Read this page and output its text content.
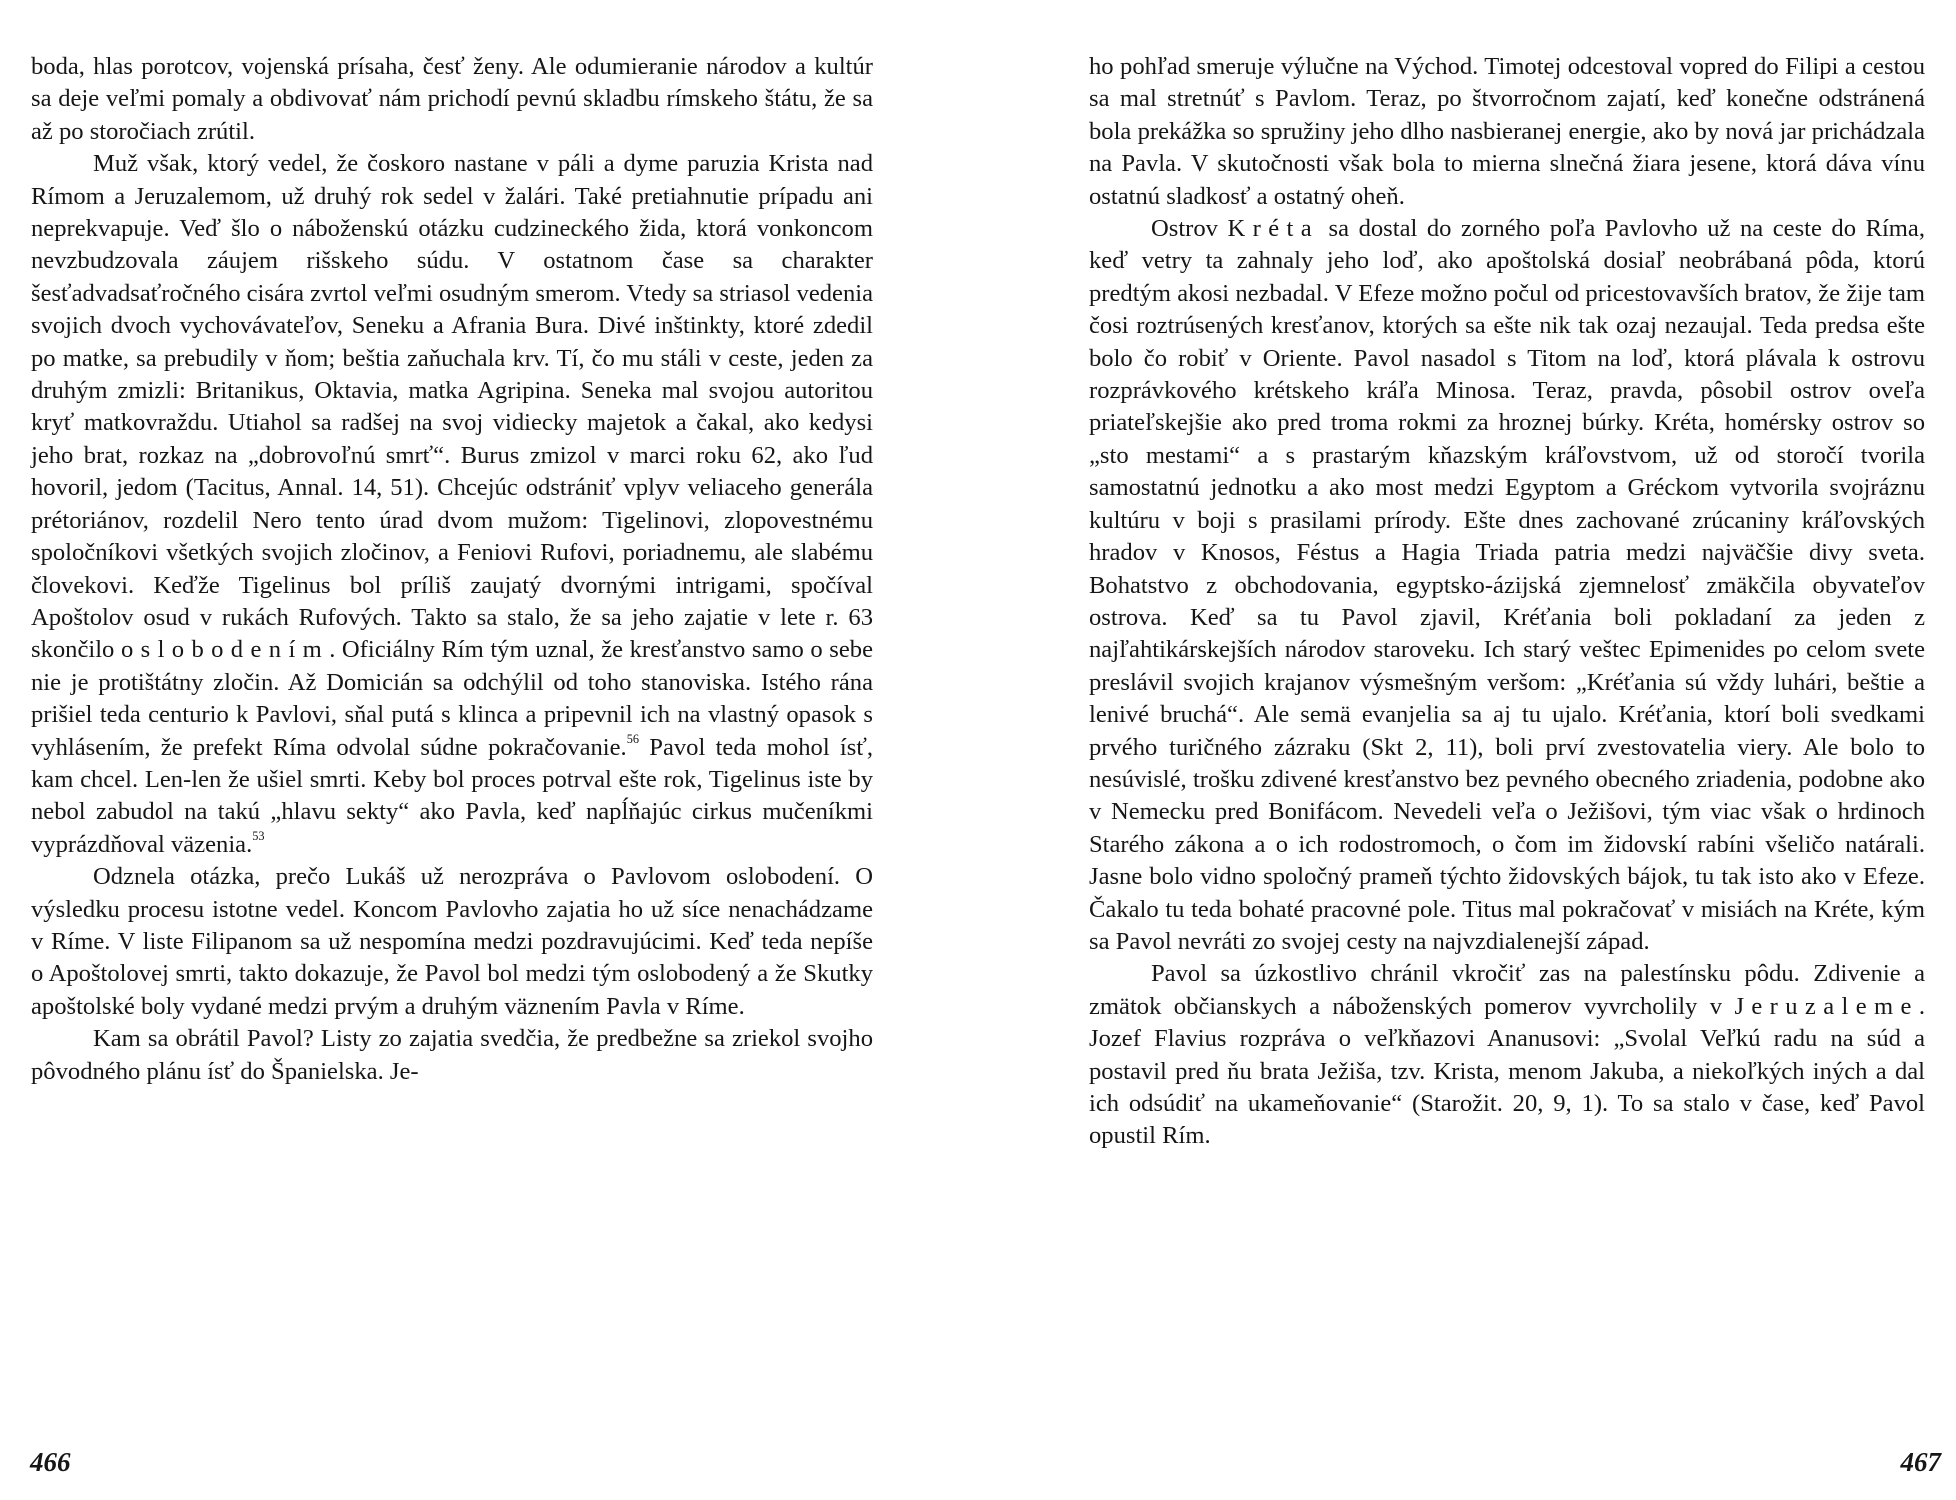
boda, hlas porotcov, vojenská prísaha, česť ženy. Ale odumieranie národov a kultúr sa deje veľmi pomaly a obdivovať nám prichodí pevnú skladbu rímskeho štátu, že sa až po storočiach zrútil.

Muž však, ktorý vedel, že čoskoro nastane v páli a dyme paruzia Krista nad Rímom a Jeruzalemom, už druhý rok sedel v žalári. Také pretiahnutie prípadu ani neprekvapuje. Veď šlo o náboženskú otázku cudzineckého žida, ktorá vonkoncom nevzbudzovala záujem rišskeho súdu. V ostatnom čase sa charakter šesťadvadsaťročného cisára zvrtol veľmi osudným smerom. Vtedy sa striasol vedenia svojich dvoch vychovávateľov, Seneku a Afrania Bura. Divé inštinkty, ktoré zdedil po matke, sa prebudily v ňom; beštia zaňuchala krv. Tí, čo mu stáli v ceste, jeden za druhým zmizli: Britanikus, Oktavia, matka Agripina. Seneka mal svojou autoritou kryť matkovraždu. Utiahol sa radšej na svoj vidiecky majetok a čakal, ako kedysi jeho brat, rozkaz na „dobrovoľnú smrť“. Burus zmizol v marci roku 62, ako ľud hovoril, jedom (Tacitus, Annal. 14, 51). Chcejúc odstrániť vplyv veliaceho generála prétoriánov, rozdelil Nero tento úrad dvom mužom: Tigelinovi, zlopovestnému spoločníkovi všetkých svojich zločinov, a Feniovi Rufovi, poriadnemu, ale slabému človekovi. Keďže Tigelinus bol príliš zaujatý dvornými intrigami, spočíval Apoštolov osud v rukách Rufových. Takto sa stalo, že sa jeho zajatie v lete r. 63 skončilo oslobodením. Oficiálny Rím tým uznal, že kresťanstvo samo o sebe nie je protištátny zločin. Až Domicián sa odchýlil od toho stanoviska. Istého rána prišiel teda centurio k Pavlovi, sňal putá s klinca a pripevnil ich na vlastný opasok s vyhlásením, že prefekt Ríma odvolal súdne pokračovanie.$^{56}$ Pavol teda mohol ísť, kam chcel. Len-len že ušiel smrti. Keby bol proces potrval ešte rok, Tigelinus iste by nebol zabudol na takú „hlavu sekty“ ako Pavla, keď napĺňajúc cirkus mučeníkmi vyprázdňoval väzenia.$^{53}$

Odznela otázka, prečo Lukáš už nerozpráva o Pavlovom oslobodení. O výsledku procesu istotne vedel. Koncom Pavlovho zajatia ho už síce nenachádzame v Ríme. V liste Filipanom sa už nespomína medzi pozdravujúcimi. Keď teda nepíše o Apoštolovej smrti, takto dokazuje, že Pavol bol medzi tým oslobodený a že Skutky apoštolské boly vydané medzi prvým a druhým väznením Pavla v Ríme.

Kam sa obrátil Pavol? Listy zo zajatia svedčia, že predbežne sa zriekol svojho pôvodného plánu ísť do Španielska. Je-

466

ho pohľad smeruje výlučne na Východ. Timotej odcestoval vopred do Filipi a cestou sa mal stretnúť s Pavlom. Teraz, po štvorročnom zajatí, keď konečne odstránená bola prekážka so spružiny jeho dlho nasbieranej energie, ako by nová jar prichádzala na Pavla. V skutočnosti však bola to mierna slnečná žiara jesene, ktorá dáva vínu ostatnú sladkosť a ostatný oheň.

Ostrov Kréta sa dostal do zorného poľa Pavlovho už na ceste do Ríma, keď vetry ta zahnaly jeho loď, ako apoštolská dosiaľ neobrábaná pôda, ktorú predtým akosi nezbadal. V Efeze možno počul od pricestovavších bratov, že žije tam čosi roztrúsených kresťanov, ktorých sa ešte nik tak ozaj nezaujal. Teda predsa ešte bolo čo robiť v Oriente. Pavol nasadol s Titom na loď, ktorá plávala k ostrovu rozprávkového krétskeho kráľa Minosa. Teraz, pravda, pôsobil ostrov oveľa priateľskejšie ako pred troma rokmi za hroznej búrky. Kréta, homérsky ostrov so „sto mestami“ a s prastarým kňazským kráľovstvom, už od storočí tvorila samostatnú jednotku a ako most medzi Egyptom a Gréckom vytvorila svojráznu kultúru v boji s prasilami prírody. Ešte dnes zachované zrúcaniny kráľovských hradov v Knosos, Féstus a Hagia Triada patria medzi najväčšie divy sveta. Bohatstvo z obchodovania, egyptsko-ázijská zjemnelosť zmäkčila obyvateľov ostrova. Keď sa tu Pavol zjavil, Kréťania boli pokladaní za jeden z najľahtikárskejších národov staroveku. Ich starý veštec Epimenides po celom svete preslávil svojich krajanov výsmešným veršom: „Kréťania sú vždy luhári, beštie a lenivé bruchá“. Ale semä evanjelia sa aj tu ujalo. Kréťania, ktorí boli svedkami prvého turičného zázraku (Skt 2, 11), boli prví zvestovatelia viery. Ale bolo to nesúvislé, trošku zdivené kresťanstvo bez pevného obecného zriadenia, podobne ako v Nemecku pred Bonifácom. Nevedeli veľa o Ježišovi, tým viac však o hrdinoch Starého zákona a o ich rodostromoch, o čom im židovskí rabíni všeličo natárali. Jasne bolo vidno spoločný prameň týchto židovských bájok, tu tak isto ako v Efeze. Čakalo tu teda bohaté pracovné pole. Titus mal pokračovať v misiách na Kréte, kým sa Pavol nevráti zo svojej cesty na najvzdialenejší západ.

Pavol sa úzkostlivo chránil vkročiť zas na palestínsku pôdu. Zdivenie a zmätok občianskych a náboženských pomerov vyvrcholily v Jeruzaleme. Jozef Flavius rozpráva o veľkňazovi Ananusovi: „Svolal Veľkú radu na súd a postavil pred ňu brata Ježiša, tzv. Krista, menom Jakuba, a niekoľkých iných a dal ich odsúdiť na ukameňovanie“ (Starožit. 20, 9, 1). To sa stalo v čase, keď Pavol opustil Rím.

467
